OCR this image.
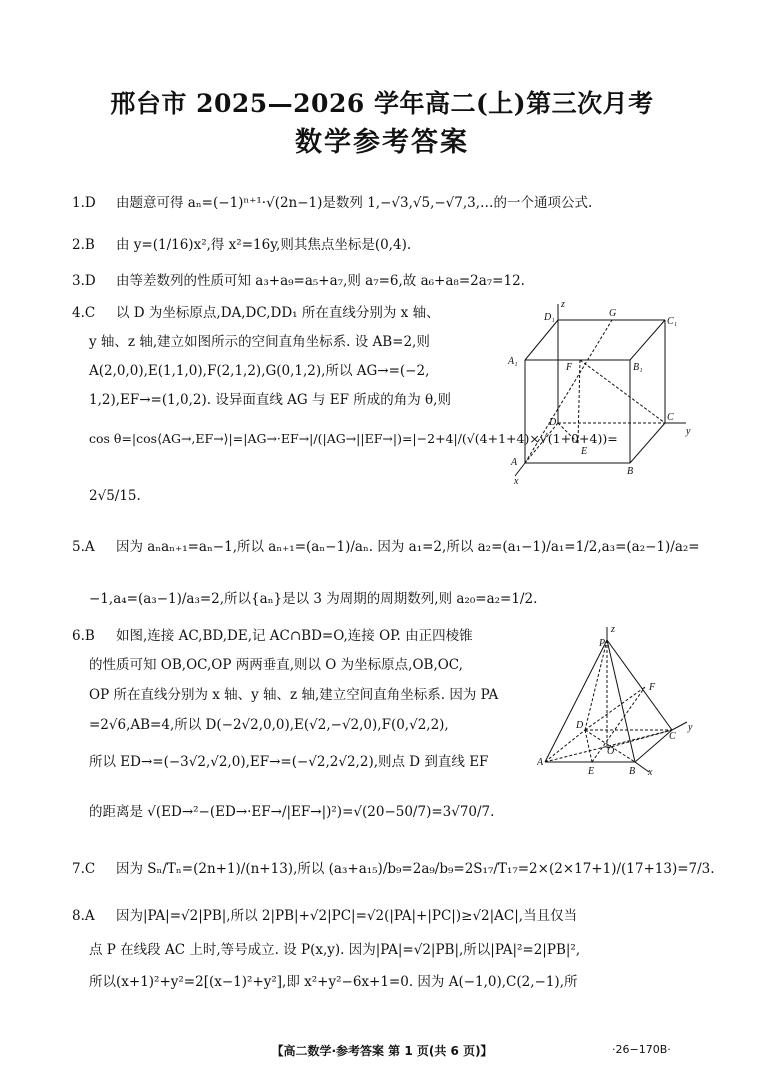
邢台市 2025—2026 学年高二(上)第三次月考
数学参考答案
1.D 由题意可得 aₙ=(−1)ⁿ⁺¹·√(2n−1)是数列 1,−√3,√5,−√7,3,…的一个通项公式.
2.B 由 y=(1/16)x²,得 x²=16y,则其焦点坐标是(0,4).
3.D 由等差数列的性质可知 a₃+a₉=a₅+a₇,则 a₇=6,故 a₆+a₈=2a₇=12.
4.C 以 D 为坐标原点,DA,DC,DD₁ 所在直线分别为 x 轴、
y 轴、z 轴,建立如图所示的空间直角坐标系. 设 AB=2,则
A(2,0,0),E(1,1,0),F(2,1,2),G(0,1,2),所以 AG→=(−2,
1,2),EF→=(1,0,2). 设异面直线 AG 与 EF 所成的角为 θ,则
cos θ=|cos⟨AG→,EF→⟩|=|AG→·EF→|/(|AG→||EF→|)=|−2+4|/(√(4+1+4)×√(1+0+4))=
2√5/15.
z
D₁	G
C₁
A₁
F	B₁
D	C
y
E
A
B
x
5.A 因为 aₙaₙ₊₁=aₙ−1,所以 aₙ₊₁=(aₙ−1)/aₙ. 因为 a₁=2,所以 a₂=(a₁−1)/a₁=1/2,a₃=(a₂−1)/a₂=
−1,a₄=(a₃−1)/a₃=2,所以{aₙ}是以 3 为周期的周期数列,则 a₂₀=a₂=1/2.
6.B 如图,连接 AC,BD,DE,记 AC∩BD=O,连接 OP. 由正四棱锥
的性质可知 OB,OC,OP 两两垂直,则以 O 为坐标原点,OB,OC,
OP 所在直线分别为 x 轴、y 轴、z 轴,建立空间直角坐标系. 因为 PA
=2√6,AB=4,所以 D(−2√2,0,0),E(√2,−√2,0),F(0,√2,2),
所以 ED→=(−3√2,√2,0),EF→=(−√2,2√2,2),则点 D 到直线 EF
的距离是 √(ED→²−(ED→·EF→/|EF→|)²)=√(20−50/7)=3√70/7.
P
z
F
D
C
y
O
A
E	B x
7.C 因为 Sₙ/Tₙ=(2n+1)/(n+13),所以 (a₃+a₁₅)/b₉=2a₉/b₉=2S₁₇/T₁₇=2×(2×17+1)/(17+13)=7/3.
8.A 因为|PA|=√2|PB|,所以 2|PB|+√2|PC|=√2(|PA|+|PC|)≥√2|AC|,当且仅当
点 P 在线段 AC 上时,等号成立. 设 P(x,y). 因为|PA|=√2|PB|,所以|PA|²=2|PB|²,
所以(x+1)²+y²=2[(x−1)²+y²],即 x²+y²−6x+1=0. 因为 A(−1,0),C(2,−1),所
【高二数学·参考答案 第 1 页(共 6 页)】	·26−170B·
